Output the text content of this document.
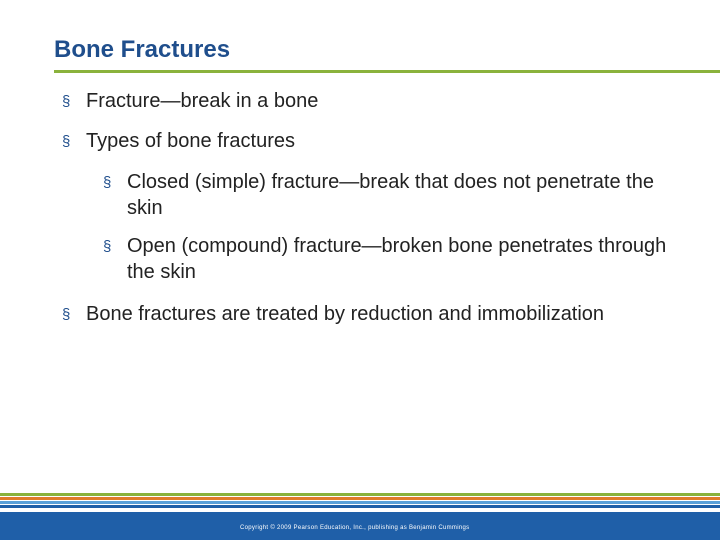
Bone Fractures
§ Fracture—break in a bone
§ Types of bone fractures
§ Closed (simple) fracture—break that does not penetrate the skin
§ Open (compound) fracture—broken bone penetrates through the skin
§ Bone fractures are treated by reduction and immobilization
Copyright © 2009 Pearson Education, Inc., publishing as Benjamin Cummings
